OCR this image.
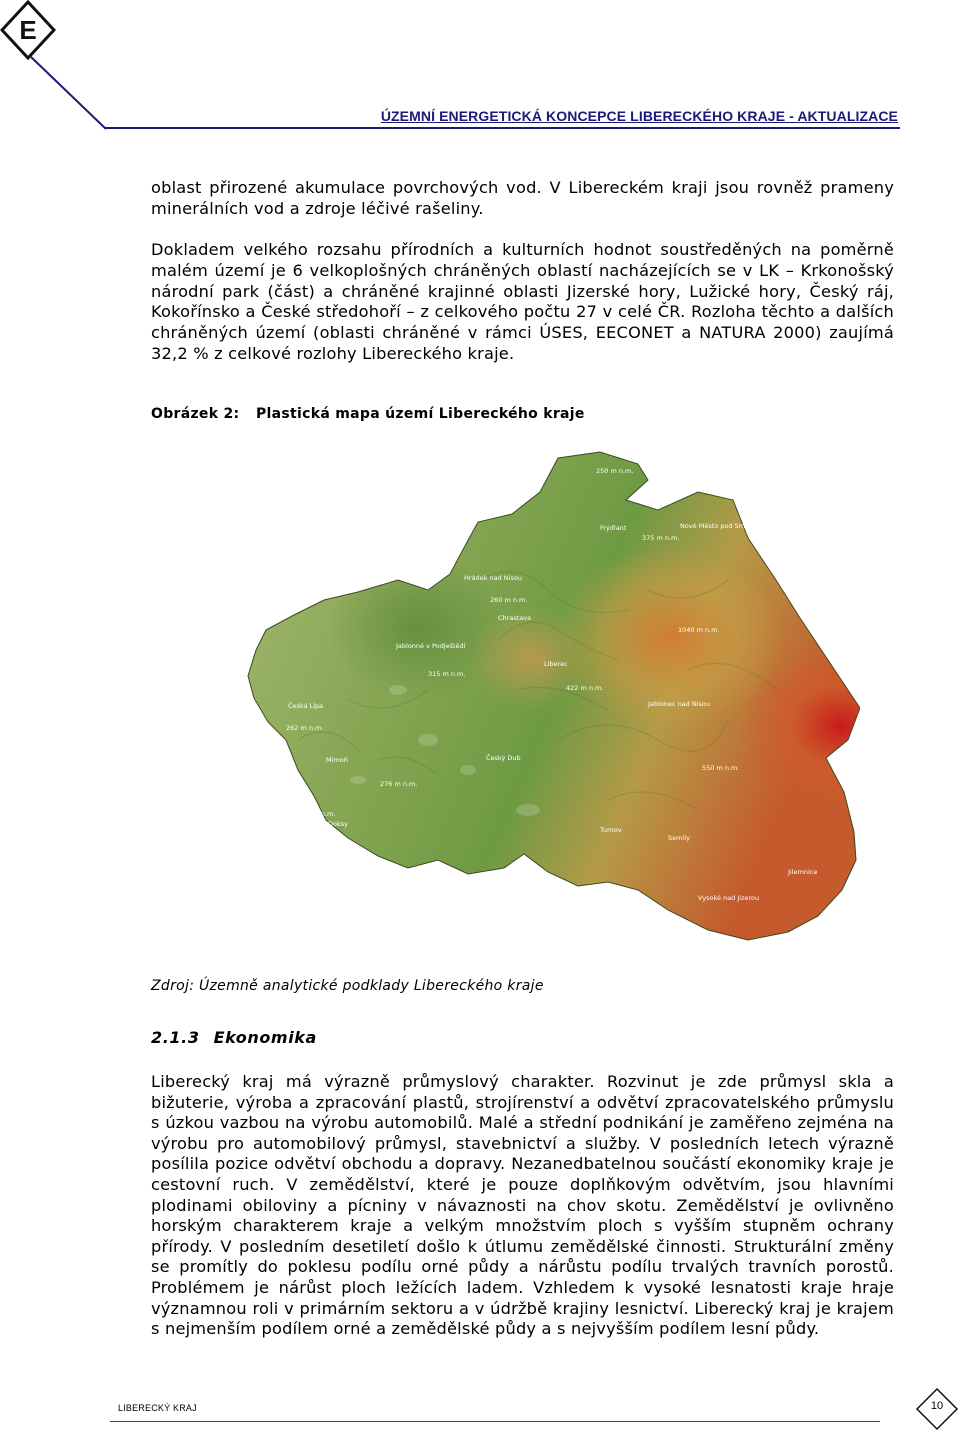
E
ÚZEMNÍ ENERGETICKÁ KONCEPCE LIBERECKÉHO KRAJE - AKTUALIZACE
oblast přirozené akumulace povrchových vod. V Libereckém kraji jsou rovněž prameny minerálních vod a zdroje léčivé rašeliny.
Dokladem velkého rozsahu přírodních a kulturních hodnot soustředěných na poměrně malém území je 6 velkoplošných chráněných oblastí nacházejících se v LK – Krkonošský národní park (část) a chráněné krajinné oblasti Jizerské hory, Lužické hory, Český ráj, Kokořínsko a České středohoří – z celkového počtu 27 v celé ČR. Rozloha těchto a dalších chráněných území (oblasti chráněné v rámci ÚSES, EECONET a NATURA 2000) zaujímá 32,2 % z celkové rozlohy Libereckého kraje.
Obrázek 2: Plastická mapa území Libereckého kraje
250 m n.m.
Frýdlant	Nové Město pod Smrkem
375 m n.m.
Hrádek nad Nisou
260 m n.m.
Chrastava
1040 m n.m.
Jablonné v Podještědí
Liberec
315 m n.m.
422 m n.m.
Jablonec nad Nisou
Česká Lípa
262 m n.m.
Mimoň	Český Dub
276 m n.m.
550 m n.m.
250 m n.m.
Doksy
Turnov
Dubá	Semily
Jilemnice
Vysoké nad Jizerou
Zdroj: Územně analytické podklady Libereckého kraje
2.1.3 Ekonomika
Liberecký kraj má výrazně průmyslový charakter. Rozvinut je zde průmysl skla a bižuterie, výroba a zpracování plastů, strojírenství a odvětví zpracovatelského průmyslu s úzkou vazbou na výrobu automobilů. Malé a střední podnikání je zaměřeno zejména na výrobu pro automobilový průmysl, stavebnictví a služby. V posledních letech výrazně posílila pozice odvětví obchodu a dopravy. Nezanedbatelnou součástí ekonomiky kraje je cestovní ruch. V zemědělství, které je pouze doplňkovým odvětvím, jsou hlavními plodinami obiloviny a pícniny v návaznosti na chov skotu. Zemědělství je ovlivněno horským charakterem kraje a velkým množstvím ploch s vyšším stupněm ochrany přírody. V posledním desetiletí došlo k útlumu zemědělské činnosti. Strukturální změny se promítly do poklesu podílu orné půdy a nárůstu podílu trvalých travních porostů. Problémem je nárůst ploch ležících ladem. Vzhledem k vysoké lesnatosti kraje hraje významnou roli v primárním sektoru a v údržbě krajiny lesnictví. Liberecký kraj je krajem s nejmenším podílem orné a zemědělské půdy a s nejvyšším podílem lesní půdy.
LIBERECKÝ KRAJ	10
